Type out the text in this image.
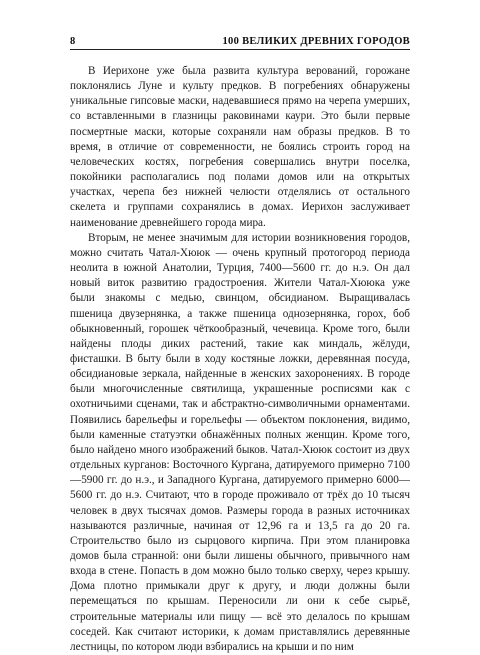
8	100 ВЕЛИКИХ ДРЕВНИХ ГОРОДОВ

В Иерихоне уже была развита культура верований, горожане поклонялись Луне и культу предков. В погребениях обнаружены уникальные гипсовые маски, надевавшиеся прямо на черепа умерших, со вставленными в глазницы раковинами каури. Это были первые посмертные маски, которые сохраняли нам образы предков. В то время, в отличие от современности, не боялись строить город на человеческих костях, погребения совершались внутри поселка, покойники располагались под полами домов или на открытых участках, черепа без нижней челюсти отделялись от остального скелета и группами сохранялись в домах. Иерихон заслуживает наименование древнейшего города мира.

Вторым, не менее значимым для истории возникновения городов, можно считать Чатал-Хююк — очень крупный протогород периода неолита в южной Анатолии, Турция, 7400—5600 гг. до н.э. Он дал новый виток развитию градостроения. Жители Чатал-Хююка уже были знакомы с медью, свинцом, обсидианом. Выращивалась пшеница двузернянка, а также пшеница однозернянка, горох, боб обыкновенный, горошек чёткообразный, чечевица. Кроме того, были найдены плоды диких растений, такие как миндаль, жёлуди, фисташки. В быту были в ходу костяные ложки, деревянная посуда, обсидиановые зеркала, найденные в женских захоронениях. В городе были многочисленные святилища, украшенные росписями как с охотничьими сценами, так и абстрактно-символичными орнаментами. Появились барельефы и горельефы — объектом поклонения, видимо, были каменные статуэтки обнажённых полных женщин. Кроме того, было найдено много изображений быков. Чатал-Хююк состоит из двух отдельных курганов: Восточного Кургана, датируемого примерно 7100—5900 гг. до н.э., и Западного Кургана, датируемого примерно 6000—5600 гг. до н.э. Считают, что в городе проживало от трёх до 10 тысяч человек в двух тысячах домов. Размеры города в разных источниках называются различные, начиная от 12,96 га и 13,5 га до 20 га. Строительство было из сырцового кирпича. При этом планировка домов была странной: они были лишены обычного, привычного нам входа в стене. Попасть в дом можно было только сверху, через крышу. Дома плотно примыкали друг к другу, и люди должны были перемещаться по крышам. Переносили ли они к себе сырьё, строительные материалы или пищу — всё это делалось по крышам соседей. Как считают историки, к домам приставлялись деревянные лестницы, по котором люди взбирались на крыши и по ним
